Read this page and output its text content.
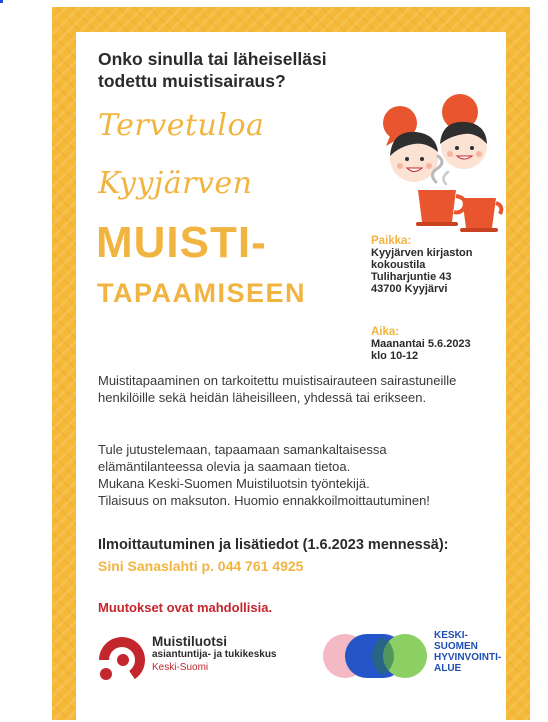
Onko sinulla tai läheiselläsi todettu muistisairaus?
Tervetuloa
Kyyjärven
MUISTI-
TAPAAMISEEN
Paikka:
Kyyjärven kirjaston
kokoustila
Tuliharjuntie 43
43700 Kyyjärvi
Aika:
Maanantai 5.6.2023
klo 10-12
Muistitapaaminen on tarkoitettu muistisairauteen sairastuneille henkilöille sekä heidän läheisilleen, yhdessä tai erikseen.
Tule jutustelemaan, tapaamaan samankaltaisessa
elämäntilanteessa olevia ja saamaan tietoa.
Mukana Keski-Suomen Muistiluotsin työntekijä.
Tilaisuus on maksuton. Huomio ennakkoilmoittautuminen!
Ilmoittautuminen ja lisätiedot (1.6.2023 mennessä):
Sini Sanaslahti p. 044 761 4925
Muutokset ovat mahdollisia.
Muistiluotsi
asiantuntija- ja tukikeskus
Keski-Suomi
KESKI-
SUOMEN
HYVINVOINTI-
ALUE
